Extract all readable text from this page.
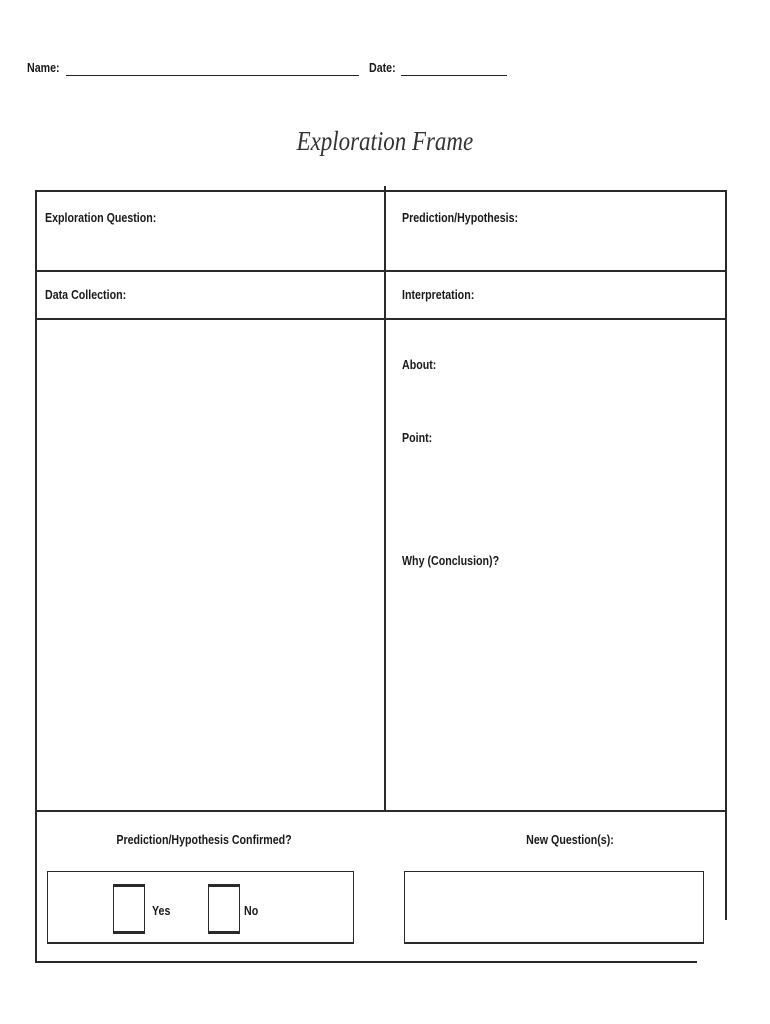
Name:	Date:
Exploration Frame
Exploration Question:	Prediction/Hypothesis:
Data Collection:	Interpretation:
About:
Point:
Why (Conclusion)?
Prediction/Hypothesis Confirmed?	New Question(s):
Yes	No
